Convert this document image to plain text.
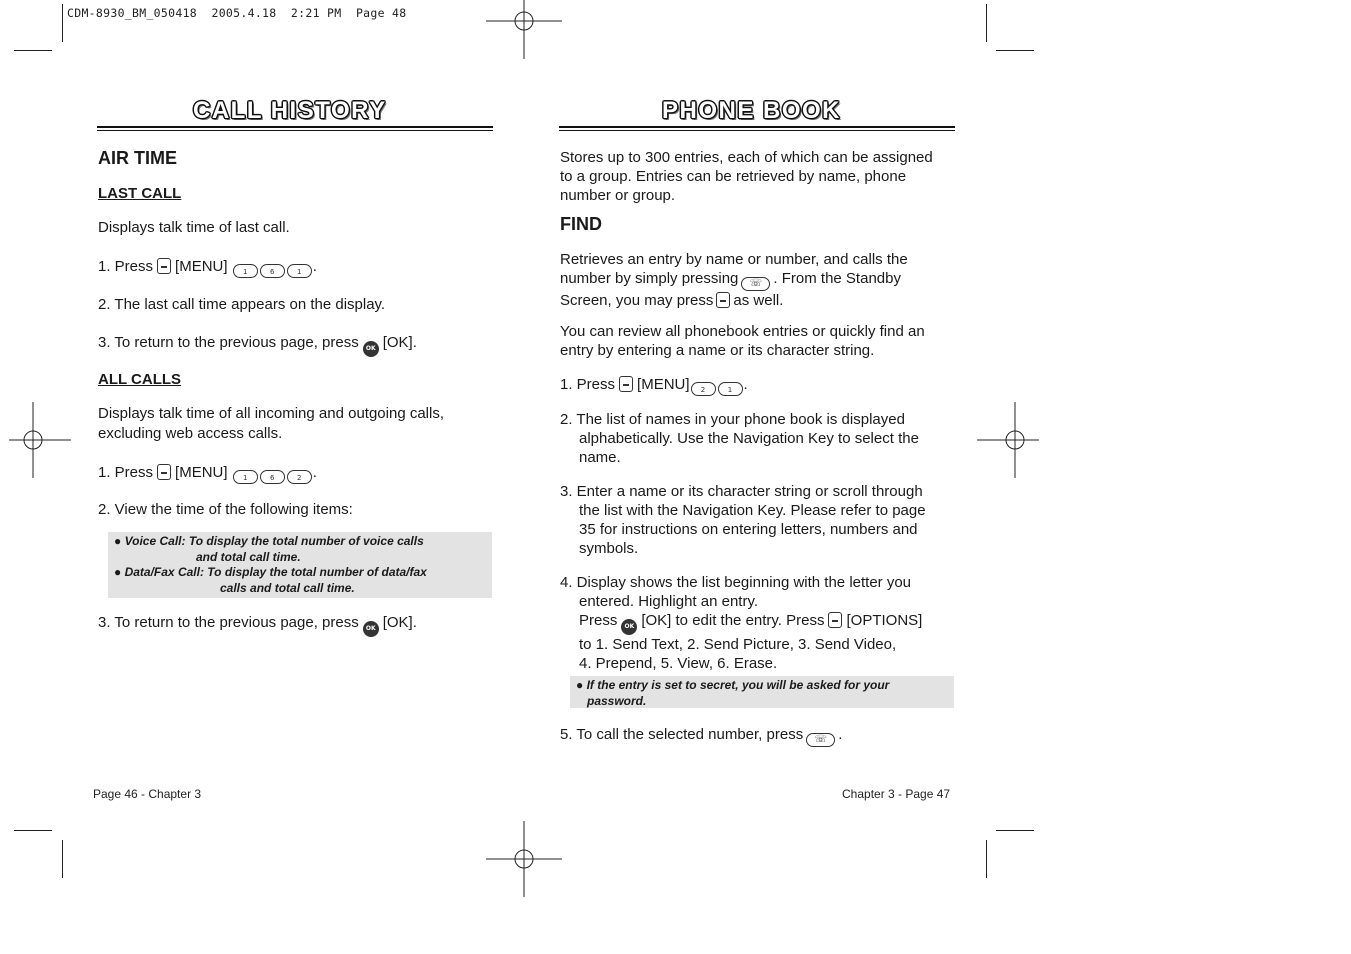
CDM-8930_BM_050418  2005.4.18  2:21 PM  Page 48
CALL HISTORY
AIR TIME
LAST CALL
Displays talk time of last call.
1. Press [MENU] 1	6	1 .
2. The last call time appears on the display.
3. To return to the previous page, press OK [OK].
ALL CALLS
Displays talk time of all incoming and outgoing calls,
excluding web access calls.
1. Press [MENU] 1	6	2 .
2. View the time of the following items:
● Voice Call: To display the total number of voice calls
and total call time.
● Data/Fax Call: To display the total number of data/fax
calls and total call time.
3. To return to the previous page, press OK [OK].
Page 46 - Chapter 3
PHONE BOOK
Stores up to 300 entries, each of which can be assigned
to a group. Entries can be retrieved by name, phone
number or group.
FIND
Retrieves an entry by name or number, and calls the
number by simply pressing ☏ . From the Standby
Screen, you may press as well.
You can review all phonebook entries or quickly find an
entry by entering a name or its character string.
1. Press [MENU] 2	1 .
2. The list of names in your phone book is displayed
alphabetically. Use the Navigation Key to select the
name.
3. Enter a name or its character string or scroll through
the list with the Navigation Key. Please refer to page
35 for instructions on entering letters, numbers and
symbols.
4. Display shows the list beginning with the letter you
entered. Highlight an entry.
Press OK [OK] to edit the entry. Press [OPTIONS]
to 1. Send Text, 2. Send Picture, 3. Send Video,
4. Prepend, 5. View, 6. Erase.
● If the entry is set to secret, you will be asked for your
password.
5. To call the selected number, press ☏ .
Chapter 3 - Page 47
